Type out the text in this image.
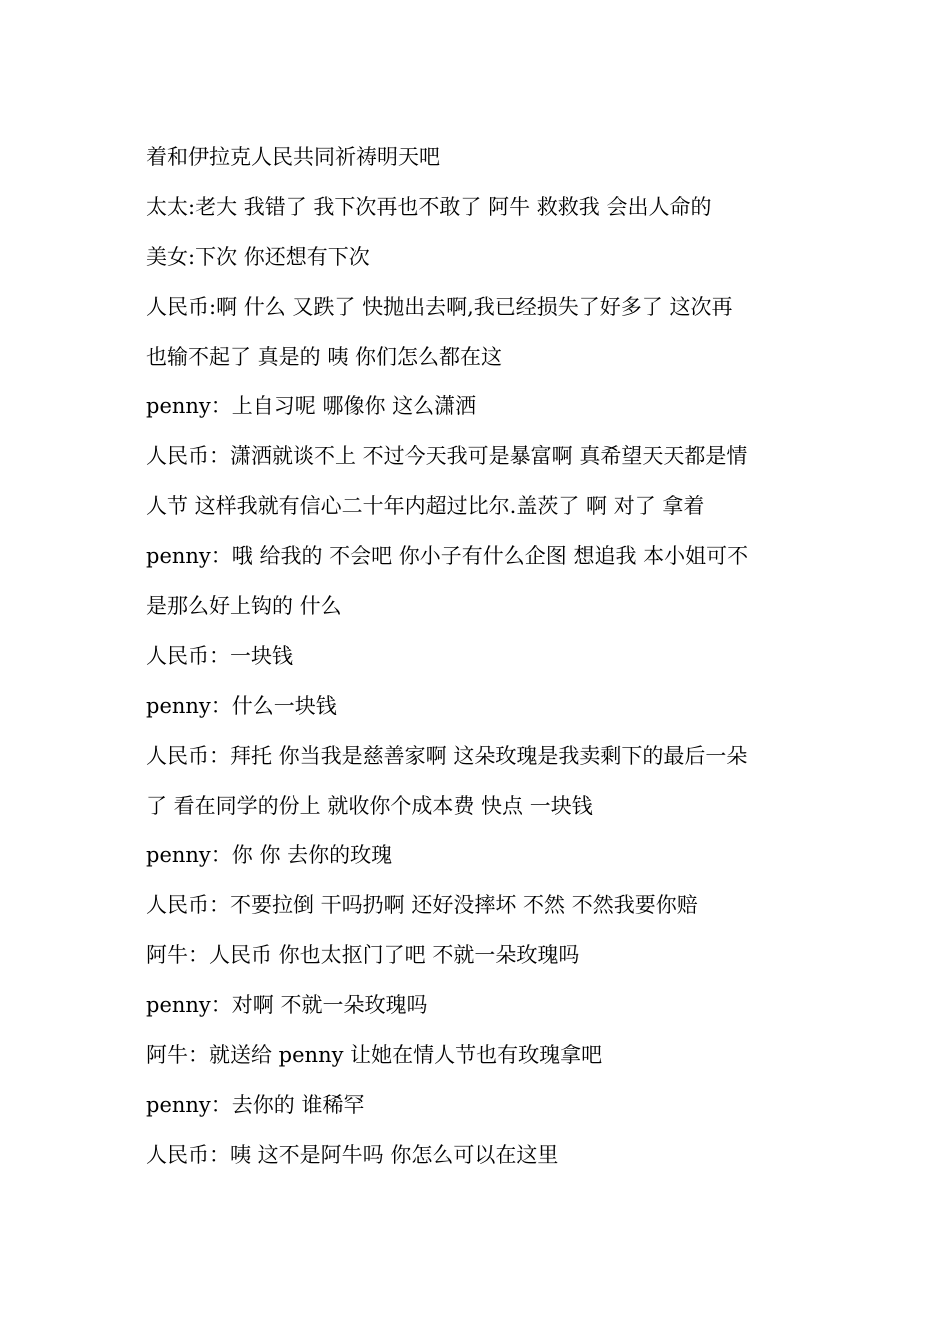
着和伊拉克人民共同祈祷明天吧
太太:老大 我错了 我下次再也不敢了 阿牛 救救我 会出人命的
美女:下次 你还想有下次
人民币:啊 什么 又跌了 快抛出去啊,我已经损失了好多了 这次再
也输不起了 真是的 咦 你们怎么都在这
penny：上自习呢 哪像你 这么潇洒
人民币：潇洒就谈不上 不过今天我可是暴富啊 真希望天天都是情
人节 这样我就有信心二十年内超过比尔.盖茨了 啊 对了 拿着
penny：哦 给我的 不会吧 你小子有什么企图 想追我 本小姐可不
是那么好上钩的 什么
人民币：一块钱
penny：什么一块钱
人民币：拜托 你当我是慈善家啊 这朵玫瑰是我卖剩下的最后一朵
了 看在同学的份上 就收你个成本费 快点 一块钱
penny：你 你 去你的玫瑰
人民币：不要拉倒 干吗扔啊 还好没摔坏 不然 不然我要你赔
阿牛：人民币 你也太抠门了吧 不就一朵玫瑰吗
penny：对啊 不就一朵玫瑰吗
阿牛：就送给 penny 让她在情人节也有玫瑰拿吧
penny：去你的 谁稀罕
人民币：咦 这不是阿牛吗 你怎么可以在这里
